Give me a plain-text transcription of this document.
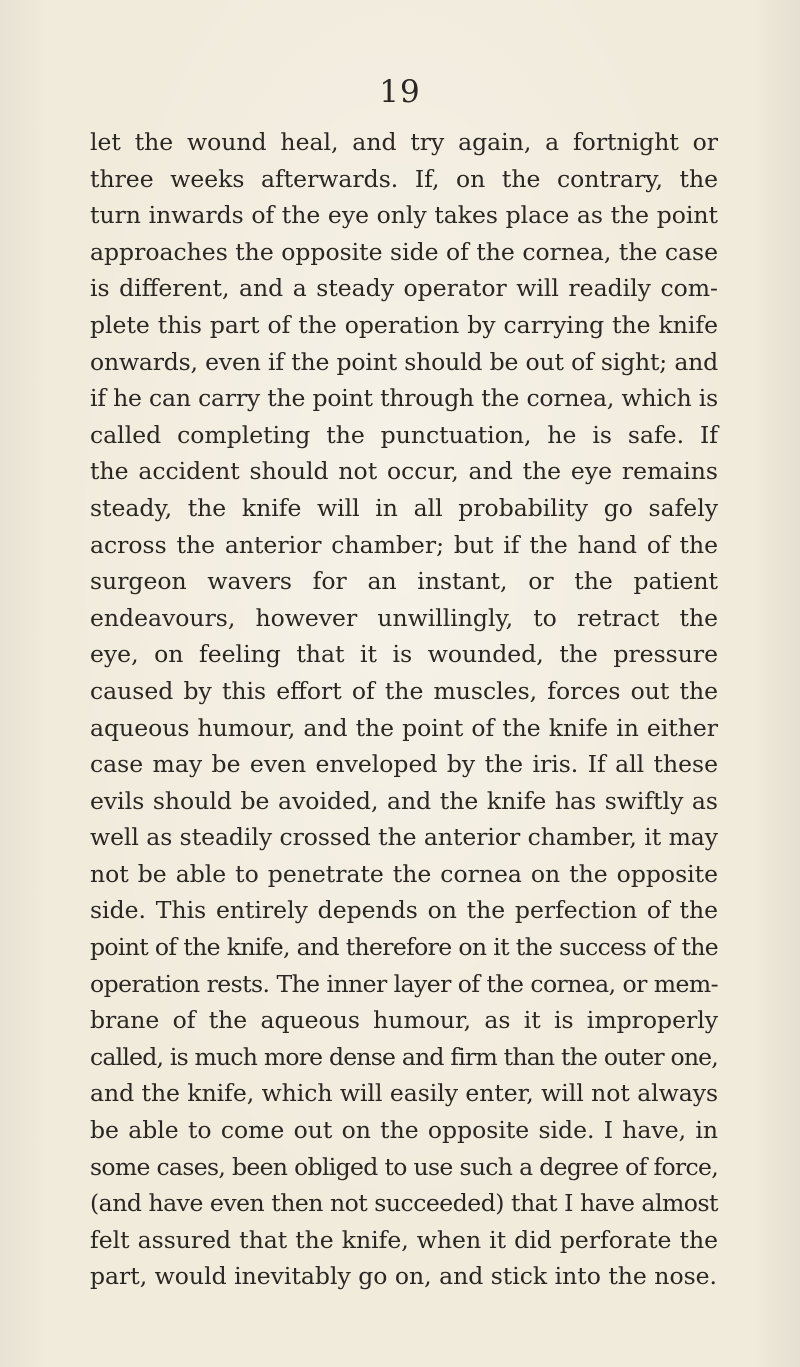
19
let the wound heal, and try again, a fortnight or
three weeks afterwards. If, on the contrary, the
turn inwards of the eye only takes place as the point
approaches the opposite side of the cornea, the case
is different, and a steady operator will readily com-
plete this part of the operation by carrying the knife
onwards, even if the point should be out of sight; and
if he can carry the point through the cornea, which is
called completing the punctuation, he is safe. If
the accident should not occur, and the eye remains
steady, the knife will in all probability go safely
across the anterior chamber; but if the hand of the
surgeon wavers for an instant, or the patient
endeavours, however unwillingly, to retract the
eye, on feeling that it is wounded, the pressure
caused by this effort of the muscles, forces out the
aqueous humour, and the point of the knife in either
case may be even enveloped by the iris. If all these
evils should be avoided, and the knife has swiftly as
well as steadily crossed the anterior chamber, it may
not be able to penetrate the cornea on the opposite
side. This entirely depends on the perfection of the
point of the knife, and therefore on it the success of the
operation rests. The inner layer of the cornea, or mem-
brane of the aqueous humour, as it is improperly
called, is much more dense and firm than the outer one,
and the knife, which will easily enter, will not always
be able to come out on the opposite side. I have, in
some cases, been obliged to use such a degree of force,
(and have even then not succeeded) that I have almost
felt assured that the knife, when it did perforate the
part, would inevitably go on, and stick into the nose.
